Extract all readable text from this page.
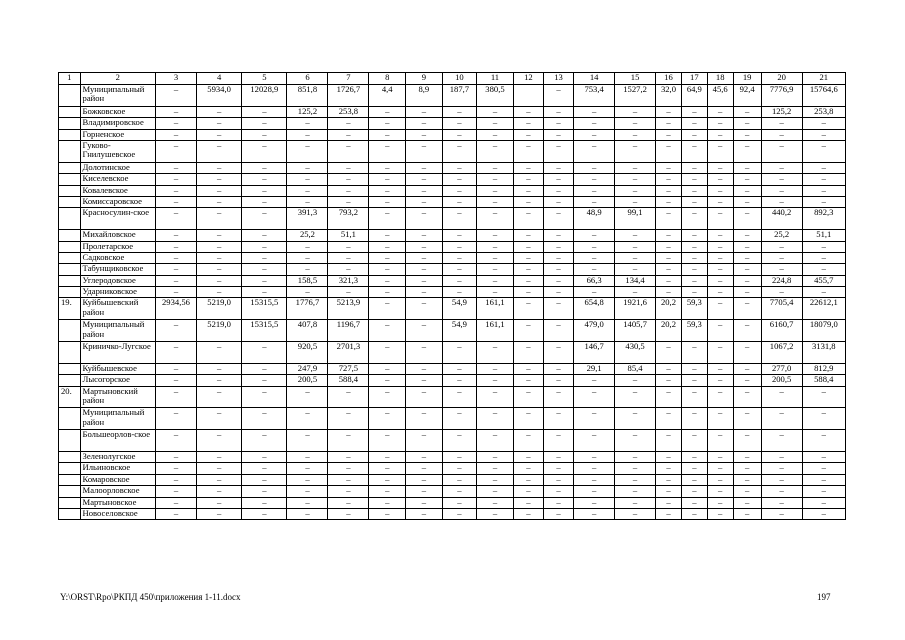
1	2	3	4	5	6	7	8	9	10	11	12	13	14	15	16	17	18	19	20	21
	Муниципальный район	–	5934,0	12028,9	851,8	1726,7	4,4	8,9	187,7	380,5		–	753,4	1527,2	32,0	64,9	45,6	92,4	7776,9	15764,6
	Божковское	–	–	–	125,2	253,8	–	–	–	–	–	–	–	–	–	–	–	–	125,2	253,8
	Владимировское	–	–	–	–	–	–	–	–	–	–	–	–	–	–	–	–	–	–	–
	Горненское	–	–	–	–	–	–	–	–	–	–	–	–	–	–	–	–	–	–	–
	Гуково-Гнилушевское	–	–	–	–	–	–	–	–	–	–	–	–	–	–	–	–	–	–	–
	Долотинское	–	–	–	–	–	–	–	–	–	–	–	–	–	–	–	–	–	–	–
	Киселевское	–	–	–	–	–	–	–	–	–	–	–	–	–	–	–	–	–	–	–
	Ковалевское	–	–	–	–	–	–	–	–	–	–	–	–	–	–	–	–	–	–	–
	Комиссаровское	–	–	–	–	–	–	–	–	–	–	–	–	–	–	–	–	–	–	–
	Красносулин-ское	–	–	–	391,3	793,2	–	–	–	–	–	–	48,9	99,1	–	–	–	–	440,2	892,3
	Михайловское	–	–	–	25,2	51,1	–	–	–	–	–	–	–	–	–	–	–	–	25,2	51,1
	Пролетарское	–	–	–	–	–	–	–	–	–	–	–	–	–	–	–	–	–	–	–
	Садковское	–	–	–	–	–	–	–	–	–	–	–	–	–	–	–	–	–	–	–
	Табунщиковское	–	–	–	–	–	–	–	–	–	–	–	–	–	–	–	–	–	–	–
	Углеродовское	–	–	–	158,5	321,3	–	–	–	–	–	–	66,3	134,4	–	–	–	–	224,8	455,7
	Ударниковское	–	–	–	–	–	–	–	–	–	–	–	–	–	–	–	–	–	–	–
19.	Куйбышевский район	2934,56	5219,0	15315,5	1776,7	5213,9	–	–	54,9	161,1	–	–	654,8	1921,6	20,2	59,3	–	–	7705,4	22612,1
	Муниципальный район	–	5219,0	15315,5	407,8	1196,7	–	–	54,9	161,1	–	–	479,0	1405,7	20,2	59,3	–	–	6160,7	18079,0
	Криничко-Лугское	–	–	–	920,5	2701,3	–	–	–	–	–	–	146,7	430,5	–	–	–	–	1067,2	3131,8
	Куйбышевское	–	–	–	247,9	727,5	–	–	–	–	–	–	29,1	85,4	–	–	–	–	277,0	812,9
	Лысогорское	–	–	–	200,5	588,4	–	–	–	–	–	–	–	–	–	–	–	–	200,5	588,4
20.	Мартыновский район	–	–	–	–	–	–	–	–	–	–	–	–	–	–	–	–	–	–	–
	Муниципальный район	–	–	–	–	–	–	–	–	–	–	–	–	–	–	–	–	–	–	–
	Большеорлов-ское	–	–	–	–	–	–	–	–	–	–	–	–	–	–	–	–	–	–	–
	Зеленолугское	–	–	–	–	–	–	–	–	–	–	–	–	–	–	–	–	–	–	–
	Ильиновское	–	–	–	–	–	–	–	–	–	–	–	–	–	–	–	–	–	–	–
	Комаровское	–	–	–	–	–	–	–	–	–	–	–	–	–	–	–	–	–	–	–
	Малоорловское	–	–	–	–	–	–	–	–	–	–	–	–	–	–	–	–	–	–	–
	Мартыновское	–	–	–	–	–	–	–	–	–	–	–	–	–	–	–	–	–	–	–
	Новоселовское	–	–	–	–	–	–	–	–	–	–	–	–	–	–	–	–	–	–	–
Y:\ORST\Rpo\РКПД 450\приложения 1-11.docx	197
